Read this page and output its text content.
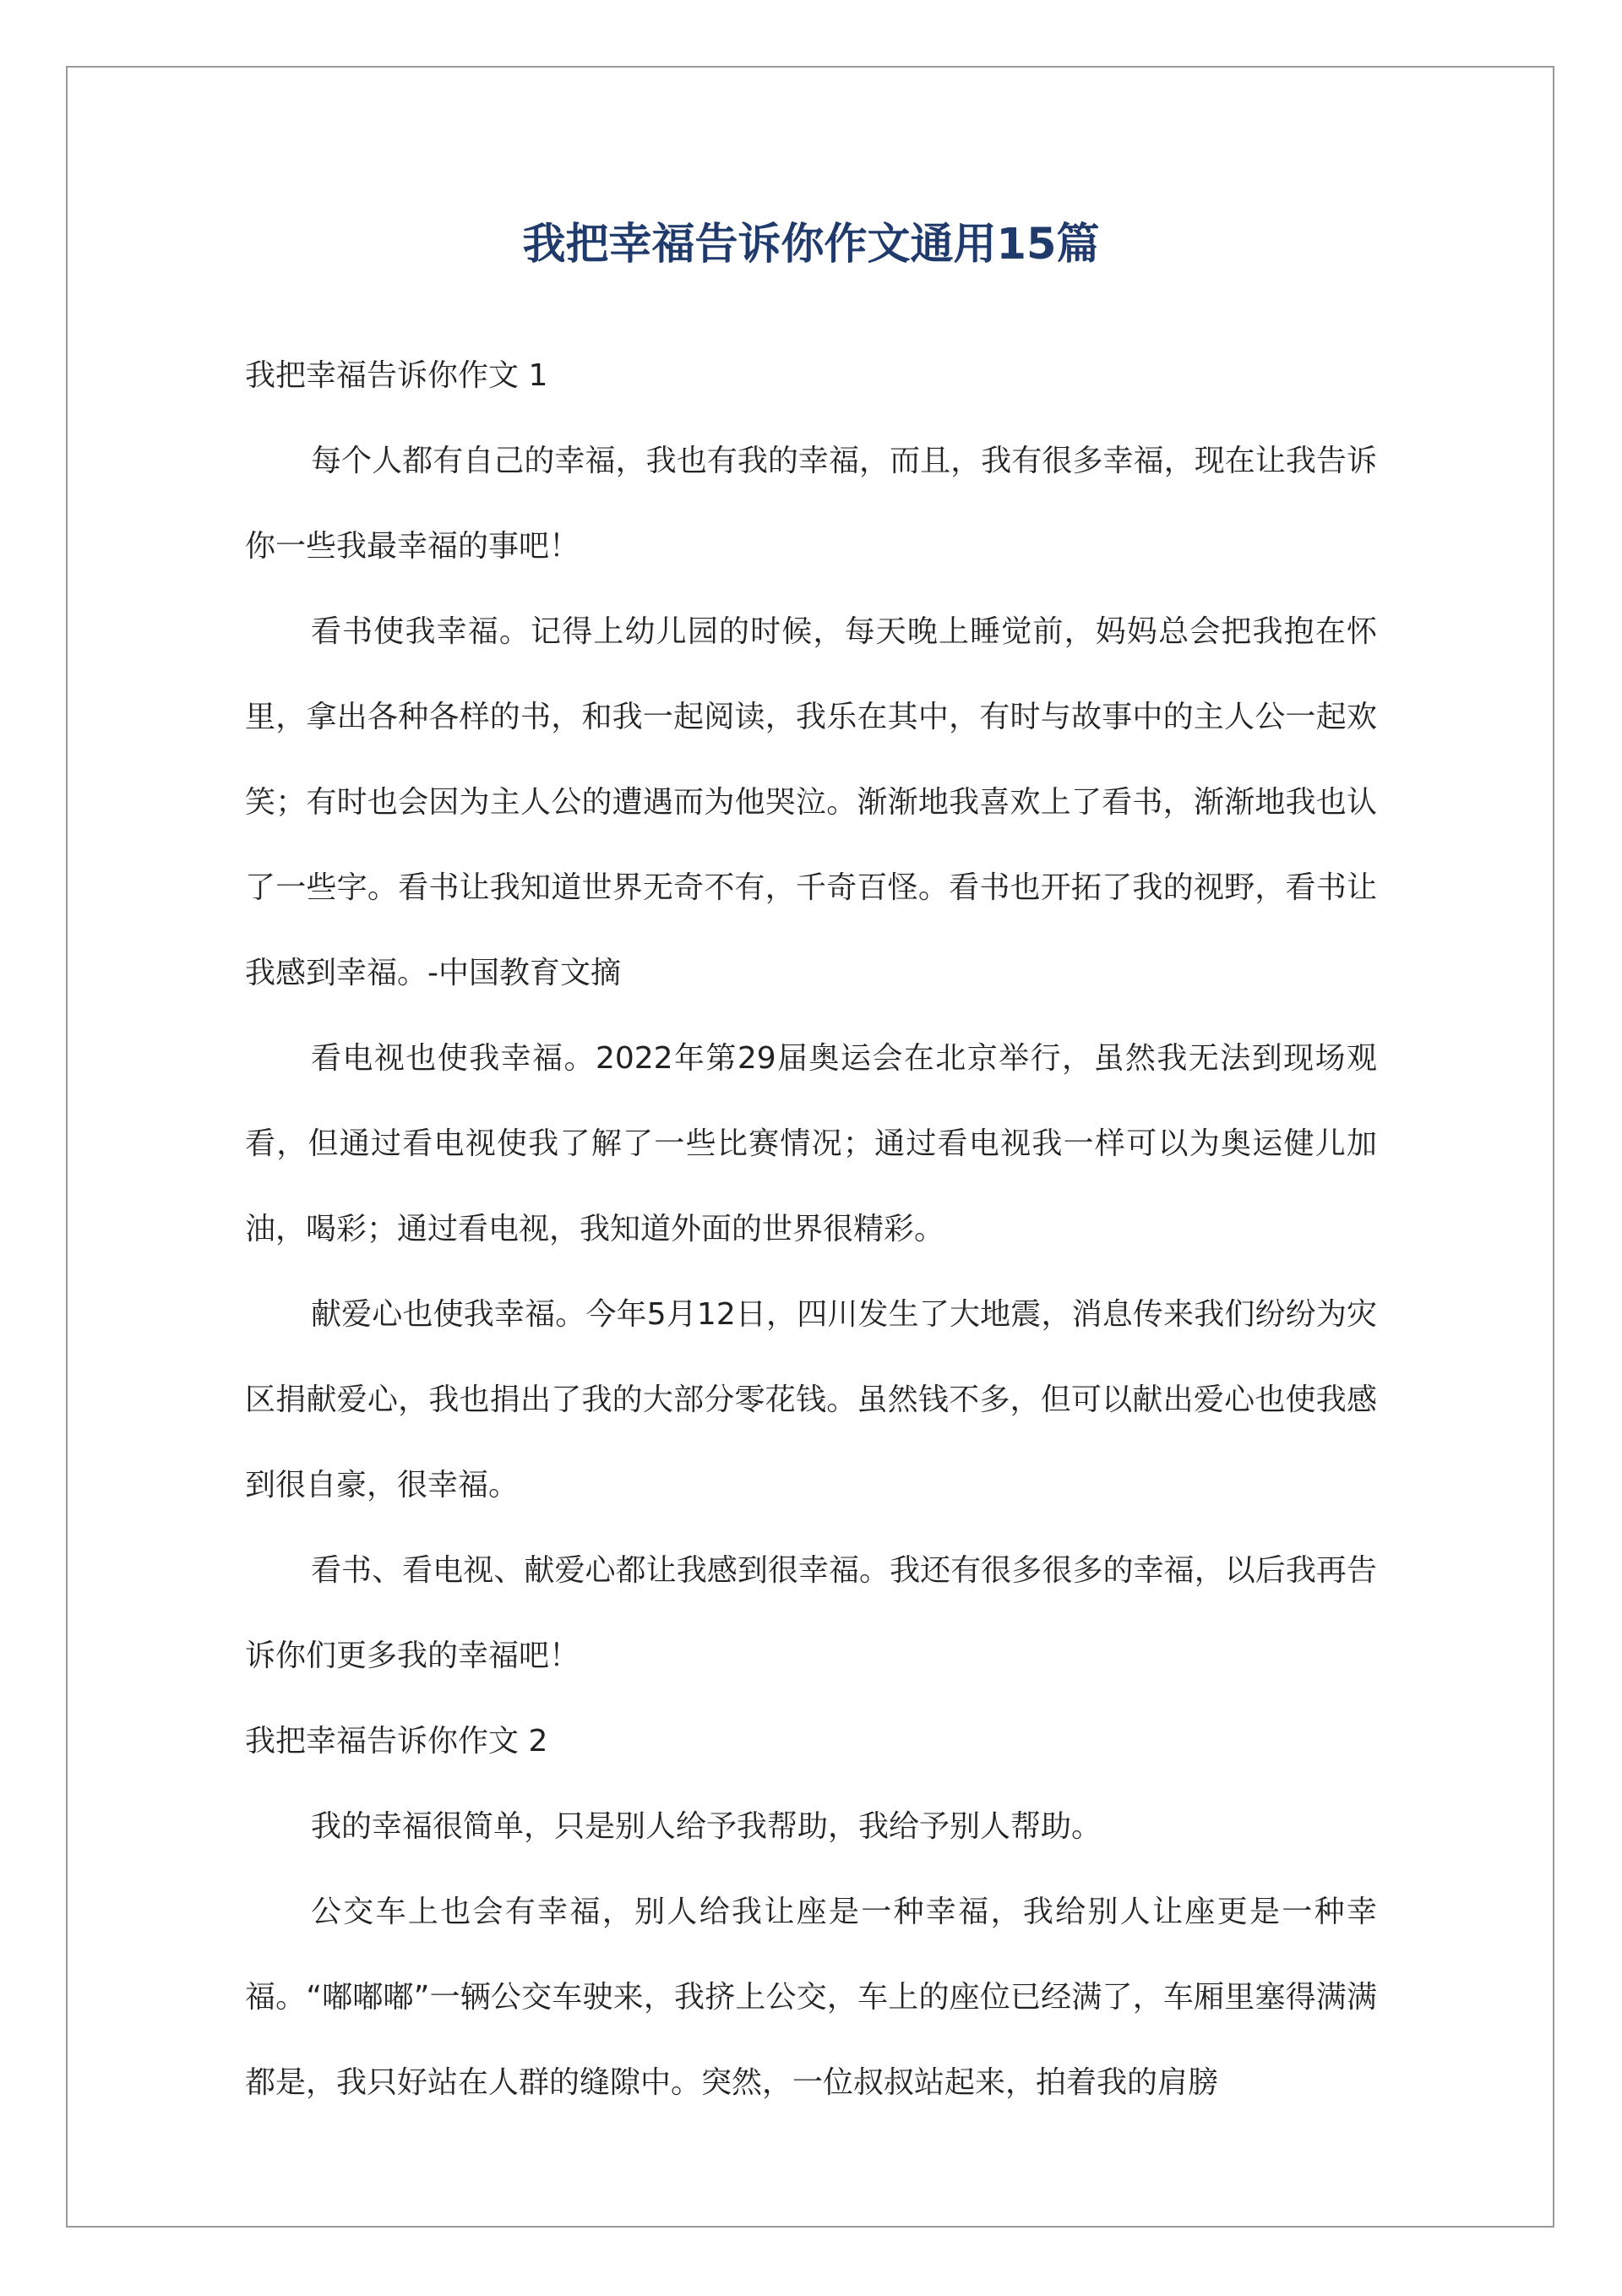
我把幸福告诉你作文通用15篇

我把幸福告诉你作文 1

每个人都有自己的幸福，我也有我的幸福，而且，我有很多幸福，现在让我告诉你一些我最幸福的事吧！

看书使我幸福。记得上幼儿园的时候，每天晚上睡觉前，妈妈总会把我抱在怀里，拿出各种各样的书，和我一起阅读，我乐在其中，有时与故事中的主人公一起欢笑；有时也会因为主人公的遭遇而为他哭泣。渐渐地我喜欢上了看书，渐渐地我也认了一些字。看书让我知道世界无奇不有，千奇百怪。看书也开拓了我的视野，看书让我感到幸福。-中国教育文摘

看电视也使我幸福。2022年第29届奥运会在北京举行，虽然我无法到现场观看，但通过看电视使我了解了一些比赛情况；通过看电视我一样可以为奥运健儿加油，喝彩；通过看电视，我知道外面的世界很精彩。

献爱心也使我幸福。今年5月12日，四川发生了大地震，消息传来我们纷纷为灾区捐献爱心，我也捐出了我的大部分零花钱。虽然钱不多，但可以献出爱心也使我感到很自豪，很幸福。

看书、看电视、献爱心都让我感到很幸福。我还有很多很多的幸福，以后我再告诉你们更多我的幸福吧！

我把幸福告诉你作文 2

我的幸福很简单，只是别人给予我帮助，我给予别人帮助。

公交车上也会有幸福，别人给我让座是一种幸福，我给别人让座更是一种幸福。“嘟嘟嘟”一辆公交车驶来，我挤上公交，车上的座位已经满了，车厢里塞得满满都是，我只好站在人群的缝隙中。突然，一位叔叔站起来，拍着我的肩膀
